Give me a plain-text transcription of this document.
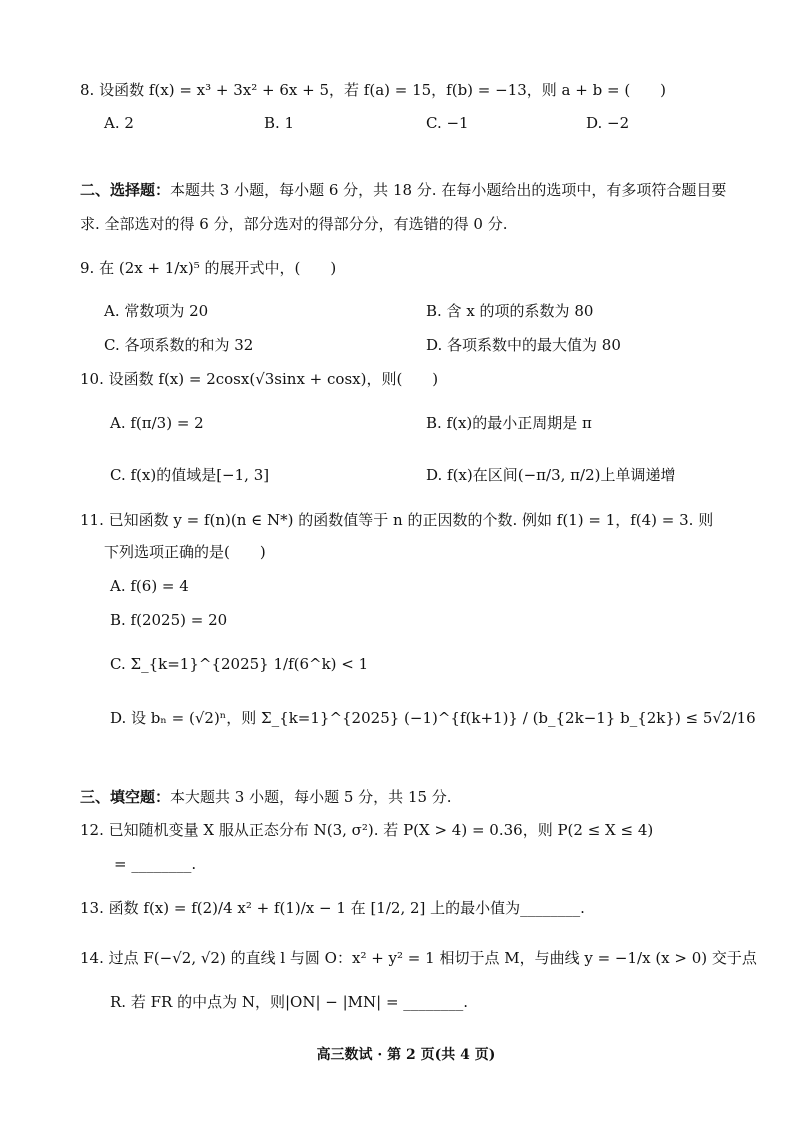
8. 设函数 f(x) = x³ + 3x² + 6x + 5，若 f(a) = 15，f(b) = −13，则 a + b = (　　)
A. 2	B. 1	C. −1	D. −2
二、选择题：本题共 3 小题，每小题 6 分，共 18 分. 在每小题给出的选项中，有多项符合题目要
求. 全部选对的得 6 分，部分选对的得部分分，有选错的得 0 分.
9. 在 (2x + 1/x)⁵ 的展开式中，(　　)
A. 常数项为 20	B. 含 x 的项的系数为 80
C. 各项系数的和为 32	D. 各项系数中的最大值为 80
10. 设函数 f(x) = 2cosx(√3sinx + cosx)，则(　　)
A. f(π/3) = 2	B. f(x)的最小正周期是 π
C. f(x)的值域是[−1, 3]	D. f(x)在区间(−π/3, π/2)上单调递增
11. 已知函数 y = f(n)(n ∈ N*) 的函数值等于 n 的正因数的个数. 例如 f(1) = 1，f(4) = 3. 则
下列选项正确的是(　　)
A. f(6) = 4
B. f(2025) = 20
C. Σ_{k=1}^{2025} 1/f(6^k) < 1
D. 设 bₙ = (√2)ⁿ，则 Σ_{k=1}^{2025} (−1)^{f(k+1)} / (b_{2k−1} b_{2k}) ≤ 5√2/16
三、填空题：本大题共 3 小题，每小题 5 分，共 15 分.
12. 已知随机变量 X 服从正态分布 N(3, σ²). 若 P(X > 4) = 0.36，则 P(2 ≤ X ≤ 4)
= ________.
13. 函数 f(x) = f(2)/4 x² + f(1)/x − 1 在 [1/2, 2] 上的最小值为________.
14. 过点 F(−√2, √2) 的直线 l 与圆 O：x² + y² = 1 相切于点 M，与曲线 y = −1/x (x > 0) 交于点
R. 若 FR 的中点为 N，则|ON| − |MN| = ________.
高三数试 · 第 2 页(共 4 页)
